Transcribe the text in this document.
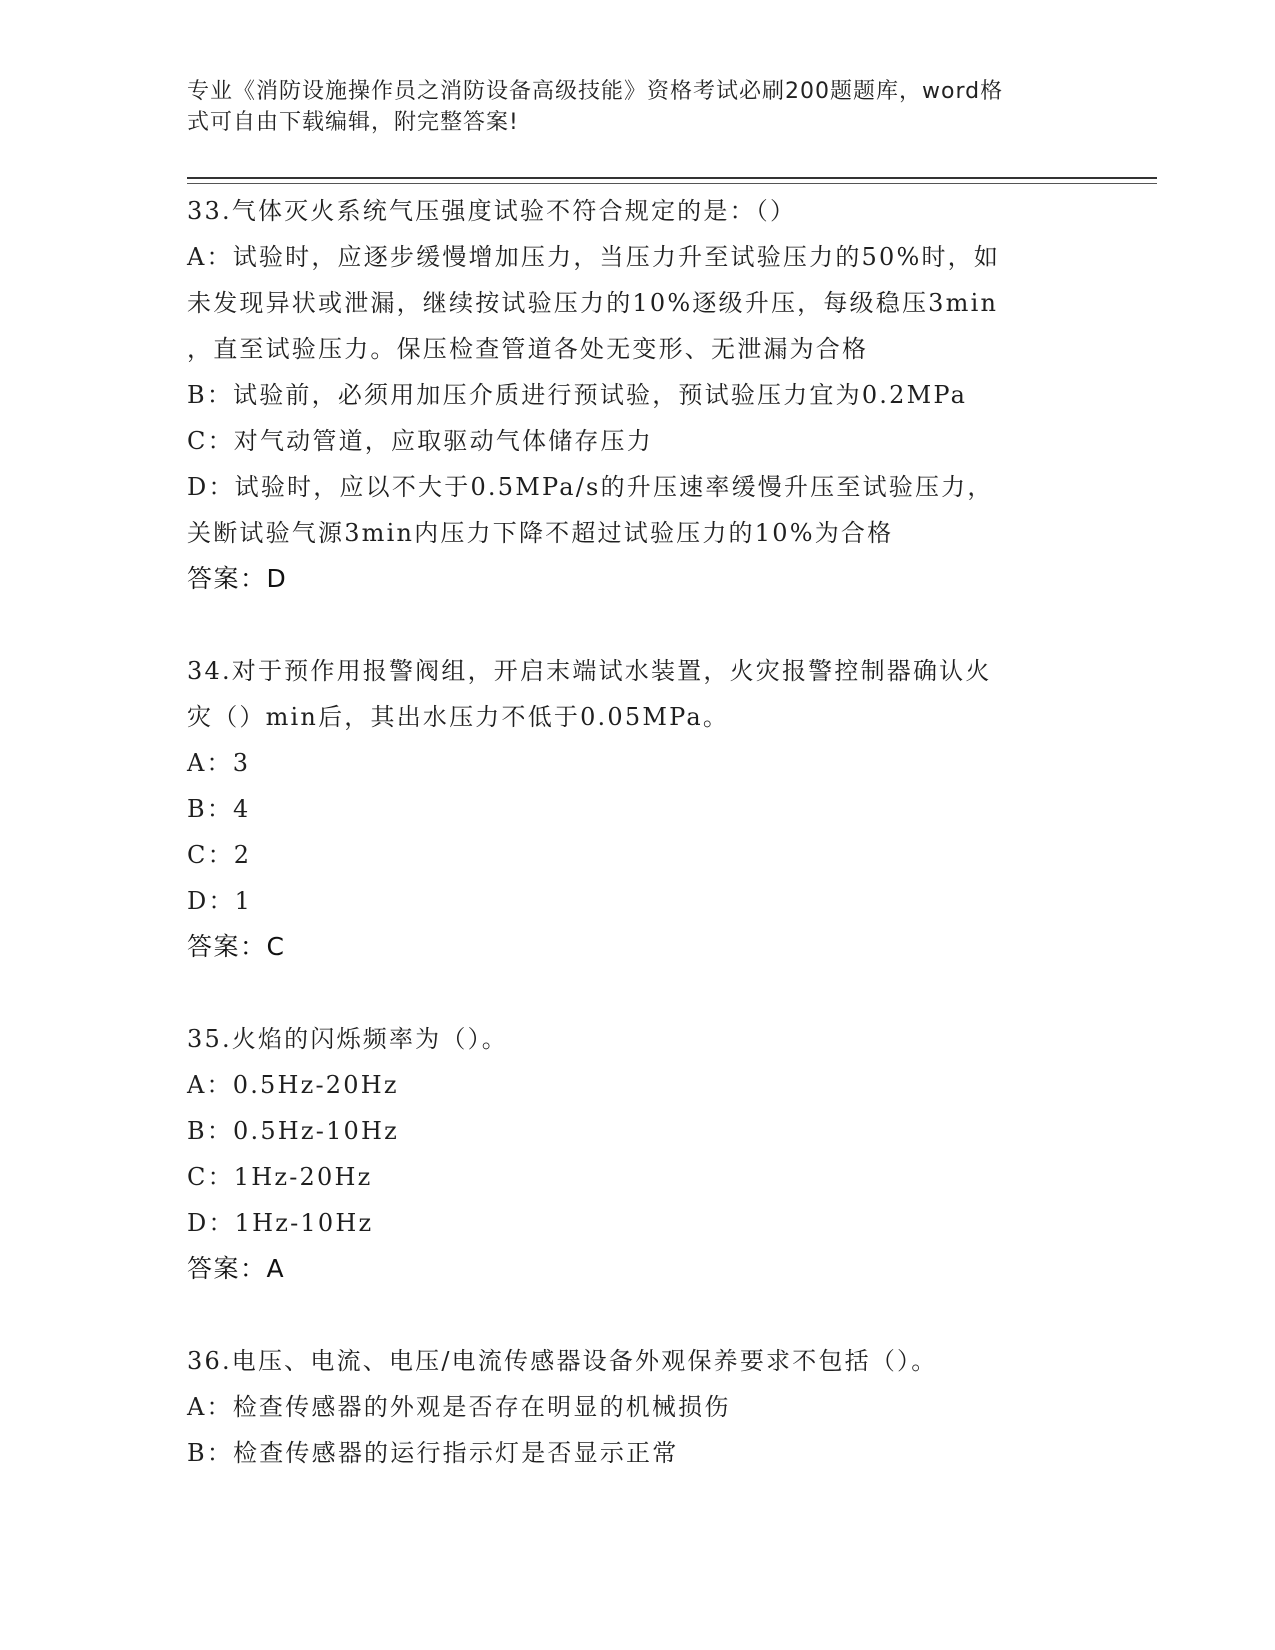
专业《消防设施操作员之消防设备高级技能》资格考试必刷200题题库，word格
式可自由下载编辑，附完整答案!
33.气体灭火系统气压强度试验不符合规定的是：（）
A：试验时，应逐步缓慢增加压力，当压力升至试验压力的50%时，如
未发现异状或泄漏，继续按试验压力的10%逐级升压，每级稳压3min
，直至试验压力。保压检查管道各处无变形、无泄漏为合格
B：试验前，必须用加压介质进行预试验，预试验压力宜为0.2MPa
C：对气动管道，应取驱动气体储存压力
D：试验时，应以不大于0.5MPa/s的升压速率缓慢升压至试验压力，
关断试验气源3min内压力下降不超过试验压力的10%为合格
答案：D
34.对于预作用报警阀组，开启末端试水装置，火灾报警控制器确认火
灾（）min后，其出水压力不低于0.05MPa。
A：3
B：4
C：2
D：1
答案：C
35.火焰的闪烁频率为（）。
A：0.5Hz-20Hz
B：0.5Hz-10Hz
C：1Hz-20Hz
D：1Hz-10Hz
答案：A
36.电压、电流、电压/电流传感器设备外观保养要求不包括（）。
A：检查传感器的外观是否存在明显的机械损伤
B：检查传感器的运行指示灯是否显示正常
